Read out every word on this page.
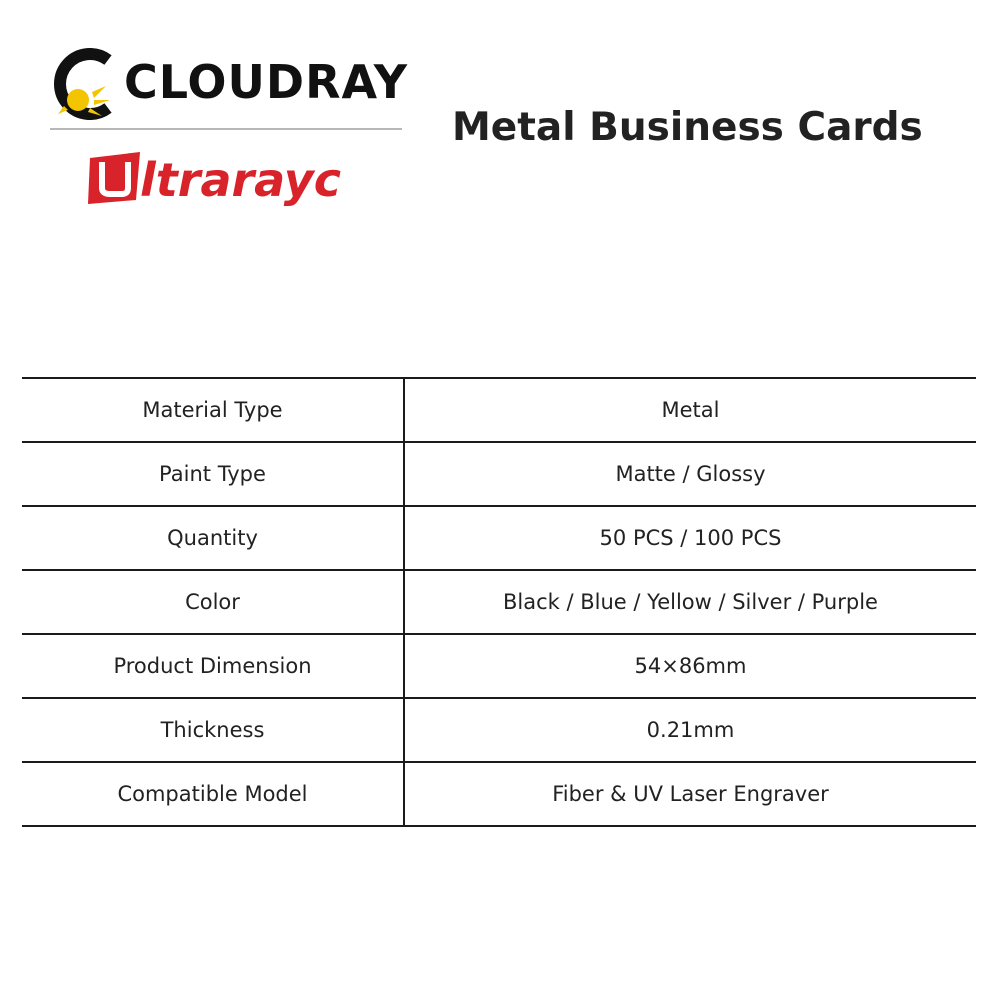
CLOUDRAY
ltrarayc
Metal Business Cards
Material Type	Metal
Paint Type	Matte / Glossy
Quantity	50 PCS / 100 PCS
Color	Black / Blue / Yellow / Silver / Purple
Product Dimension	54×86mm
Thickness	0.21mm
Compatible Model	Fiber & UV Laser Engraver
